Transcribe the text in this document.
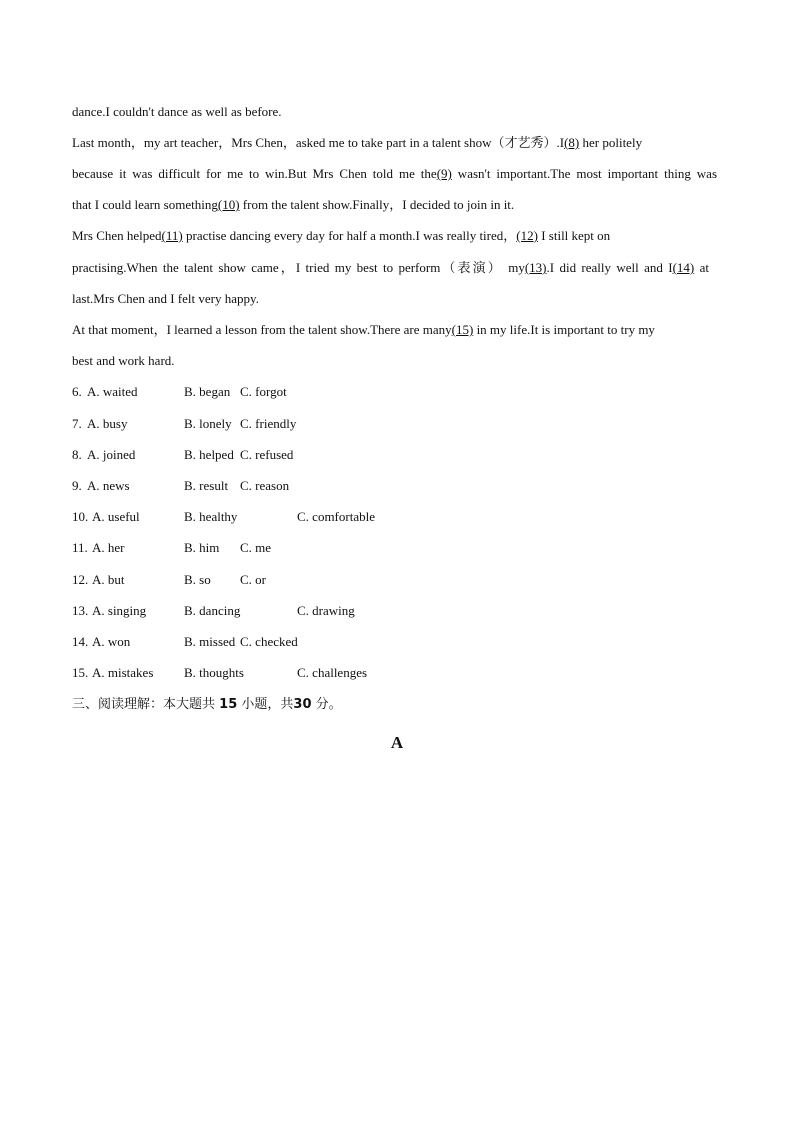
dance.I couldn't dance as well as before.
Last month，my art teacher，Mrs Chen，asked me to take part in a talent show（才艺秀）.I(8) her politely
because it was difficult for me to win.But Mrs Chen told me the(9) wasn't important.The most important thing was
that I could learn something(10) from the talent show.Finally，I decided to join in it.
Mrs Chen helped(11) practise dancing every day for half a month.I was really tired，(12) I still kept on
practising.When the talent show came，I tried my best to perform（表演） my(13).I did really well and I(14) at
last.Mrs Chen and I felt very happy.
At that moment，I learned a lesson from the talent show.There are many(15) in my life.It is important to try my
best and work hard.
6. A. waited	B. began C. forgot
7. A. busy	B. lonely C. friendly
8. A. joined	B. helped C. refused
9. A. news	B. result C. reason
10. A. useful	B. healthy	C. comfortable
11. A. her	B. him C. me
12. A. but	B. so C. or
13. A. singing	B. dancing	C. drawing
14. A. won	B. missed C. checked
15. A. mistakes B. thoughts	C. challenges
三、阅读理解：本大题共 15 小题，共30 分。
A
